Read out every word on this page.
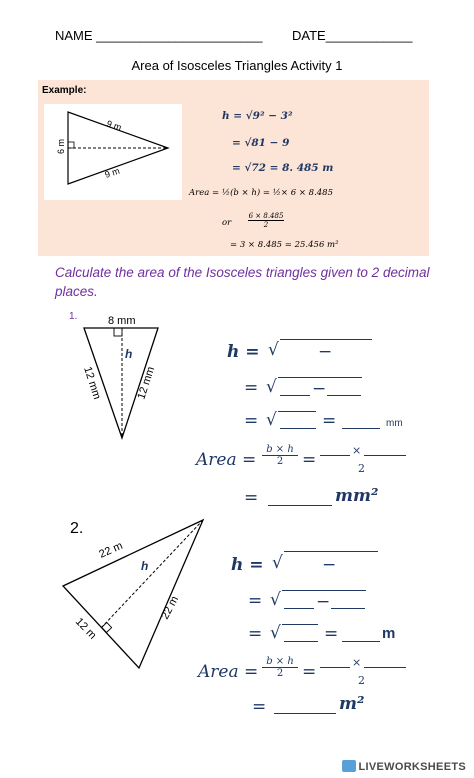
NAME _______________________ DATE____________
Area of Isosceles Triangles Activity 1
Example:
9 m
9 m
6 m
h = √9² − 3²
= √81 − 9
= √72 = 8. 485 m
Area = ½(b × h) = ½× 6 × 8.485
or $\frac{6 \times 8.485}{2}$
= 3 × 8.485 = 25.456 m²
Calculate the area of the Isosceles triangles given to 2 decimal places.
1.	8 mm
h
12 mm	12 mm
h = √ −
= √ −
= √	=	mm
Area = $\frac{b \times h}{2}$ =	×
2
=	mm²
2.
22 m
h
22 m
12 m
h = √ −
= √ −
= √	=	m
Area = $\frac{b \times h}{2}$ =	×
2
=	m²
LIVEWORKSHEETS
